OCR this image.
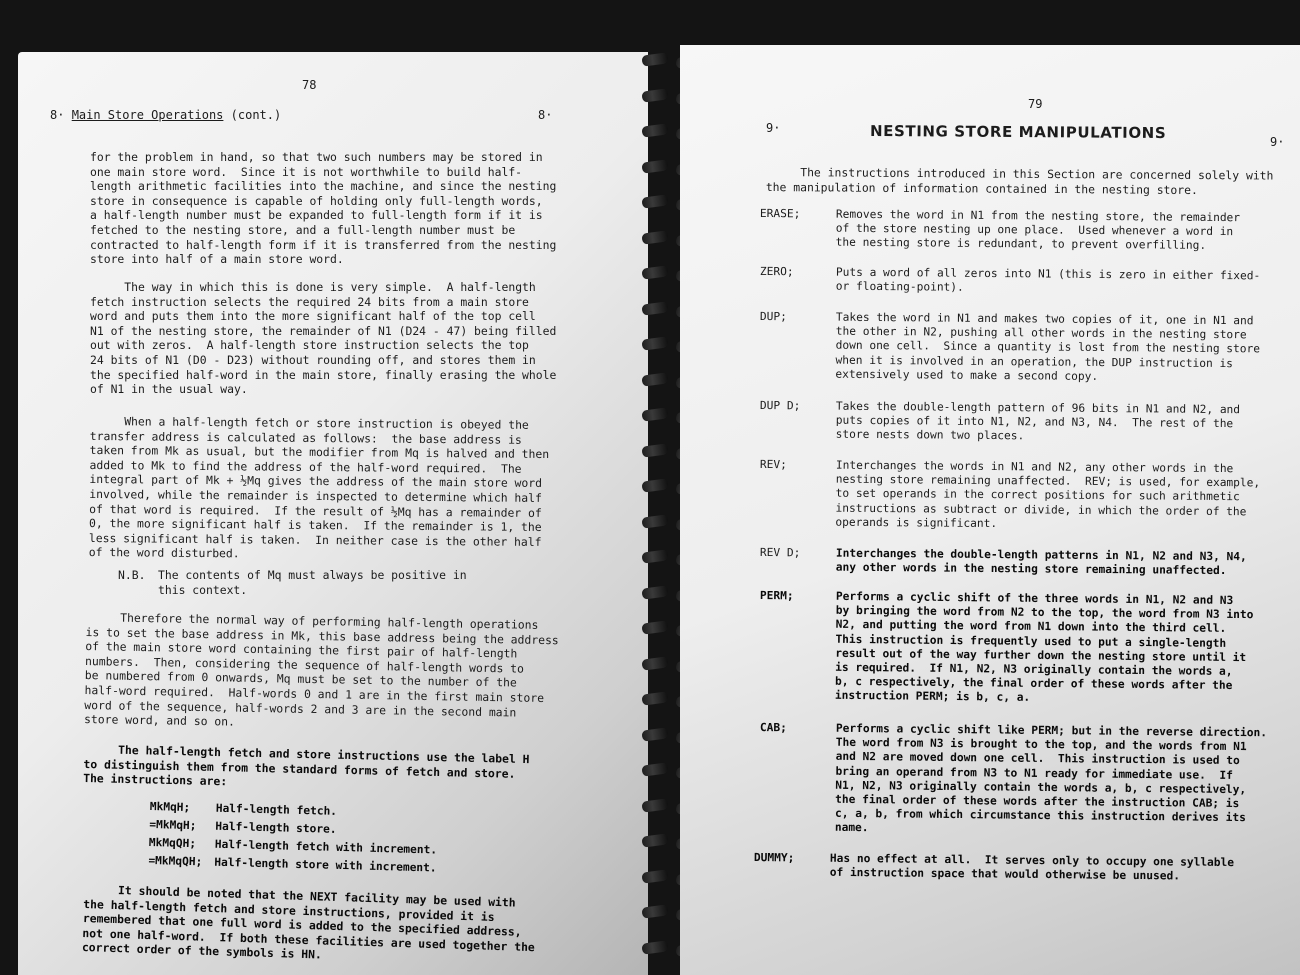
78
8· Main Store Operations (cont.)	8·
for the problem in hand, so that two such numbers may be stored in
one main store word.  Since it is not worthwhile to build half-
length arithmetic facilities into the machine, and since the nesting
store in consequence is capable of holding only full-length words,
a half-length number must be expanded to full-length form if it is
fetched to the nesting store, and a full-length number must be
contracted to half-length form if it is transferred from the nesting
store into half of a main store word.
The way in which this is done is very simple.  A half-length
fetch instruction selects the required 24 bits from a main store
word and puts them into the more significant half of the top cell
N1 of the nesting store, the remainder of N1 (D24 - 47) being filled
out with zeros.  A half-length store instruction selects the top
24 bits of N1 (D0 - D23) without rounding off, and stores them in
the specified half-word in the main store, finally erasing the whole
of N1 in the usual way.
When a half-length fetch or store instruction is obeyed the
transfer address is calculated as follows:  the base address is
taken from Mk as usual, but the modifier from Mq is halved and then
added to Mk to find the address of the half-word required.  The
integral part of Mk + ½Mq gives the address of the main store word
involved, while the remainder is inspected to determine which half
of that word is required.  If the result of ½Mq has a remainder of
0, the more significant half is taken.  If the remainder is 1, the
less significant half is taken.  In neither case is the other half
of the word disturbed.
N.B. The contents of Mq must always be positive in
this context.
Therefore the normal way of performing half-length operations
is to set the base address in Mk, this base address being the address
of the main store word containing the first pair of half-length
numbers.  Then, considering the sequence of half-length words to
be numbered from 0 onwards, Mq must be set to the number of the
half-word required.  Half-words 0 and 1 are in the first main store
word of the sequence, half-words 2 and 3 are in the second main
store word, and so on.
The half-length fetch and store instructions use the label H
to distinguish them from the standard forms of fetch and store.
The instructions are:
MkMqH; Half-length fetch.
=MkMqH; Half-length store.
MkMqQH; Half-length fetch with increment.
=MkMqQH; Half-length store with increment.
It should be noted that the NEXT facility may be used with
the half-length fetch and store instructions, provided it is
remembered that one full word is added to the specified address,
not one half-word.  If both these facilities are used together the
correct order of the symbols is HN.
79
9·	NESTING STORE MANIPULATIONS	9·
The instructions introduced in this Section are concerned solely with
the manipulation of information contained in the nesting store.
ERASE;	Removes the word in N1 from the nesting store, the remainder
of the store nesting up one place.  Used whenever a word in
the nesting store is redundant, to prevent overfilling.
ZERO;	Puts a word of all zeros into N1 (this is zero in either fixed-
or floating-point).
DUP;	Takes the word in N1 and makes two copies of it, one in N1 and
the other in N2, pushing all other words in the nesting store
down one cell.  Since a quantity is lost from the nesting store
when it is involved in an operation, the DUP instruction is
extensively used to make a second copy.
DUP D;	Takes the double-length pattern of 96 bits in N1 and N2, and
puts copies of it into N1, N2, and N3, N4.  The rest of the
store nests down two places.
REV;	Interchanges the words in N1 and N2, any other words in the
nesting store remaining unaffected.  REV; is used, for example,
to set operands in the correct positions for such arithmetic
instructions as subtract or divide, in which the order of the
operands is significant.
REV D;	Interchanges the double-length patterns in N1, N2 and N3, N4,
any other words in the nesting store remaining unaffected.
PERM;	Performs a cyclic shift of the three words in N1, N2 and N3
by bringing the word from N2 to the top, the word from N3 into
N2, and putting the word from N1 down into the third cell.
This instruction is frequently used to put a single-length
result out of the way further down the nesting store until it
is required.  If N1, N2, N3 originally contain the words a,
b, c respectively, the final order of these words after the
instruction PERM; is b, c, a.
CAB;	Performs a cyclic shift like PERM; but in the reverse direction.
The word from N3 is brought to the top, and the words from N1
and N2 are moved down one cell.  This instruction is used to
bring an operand from N3 to N1 ready for immediate use.  If
N1, N2, N3 originally contain the words a, b, c respectively,
the final order of these words after the instruction CAB; is
c, a, b, from which circumstance this instruction derives its
name.
DUMMY;	Has no effect at all.  It serves only to occupy one syllable
of instruction space that would otherwise be unused.
